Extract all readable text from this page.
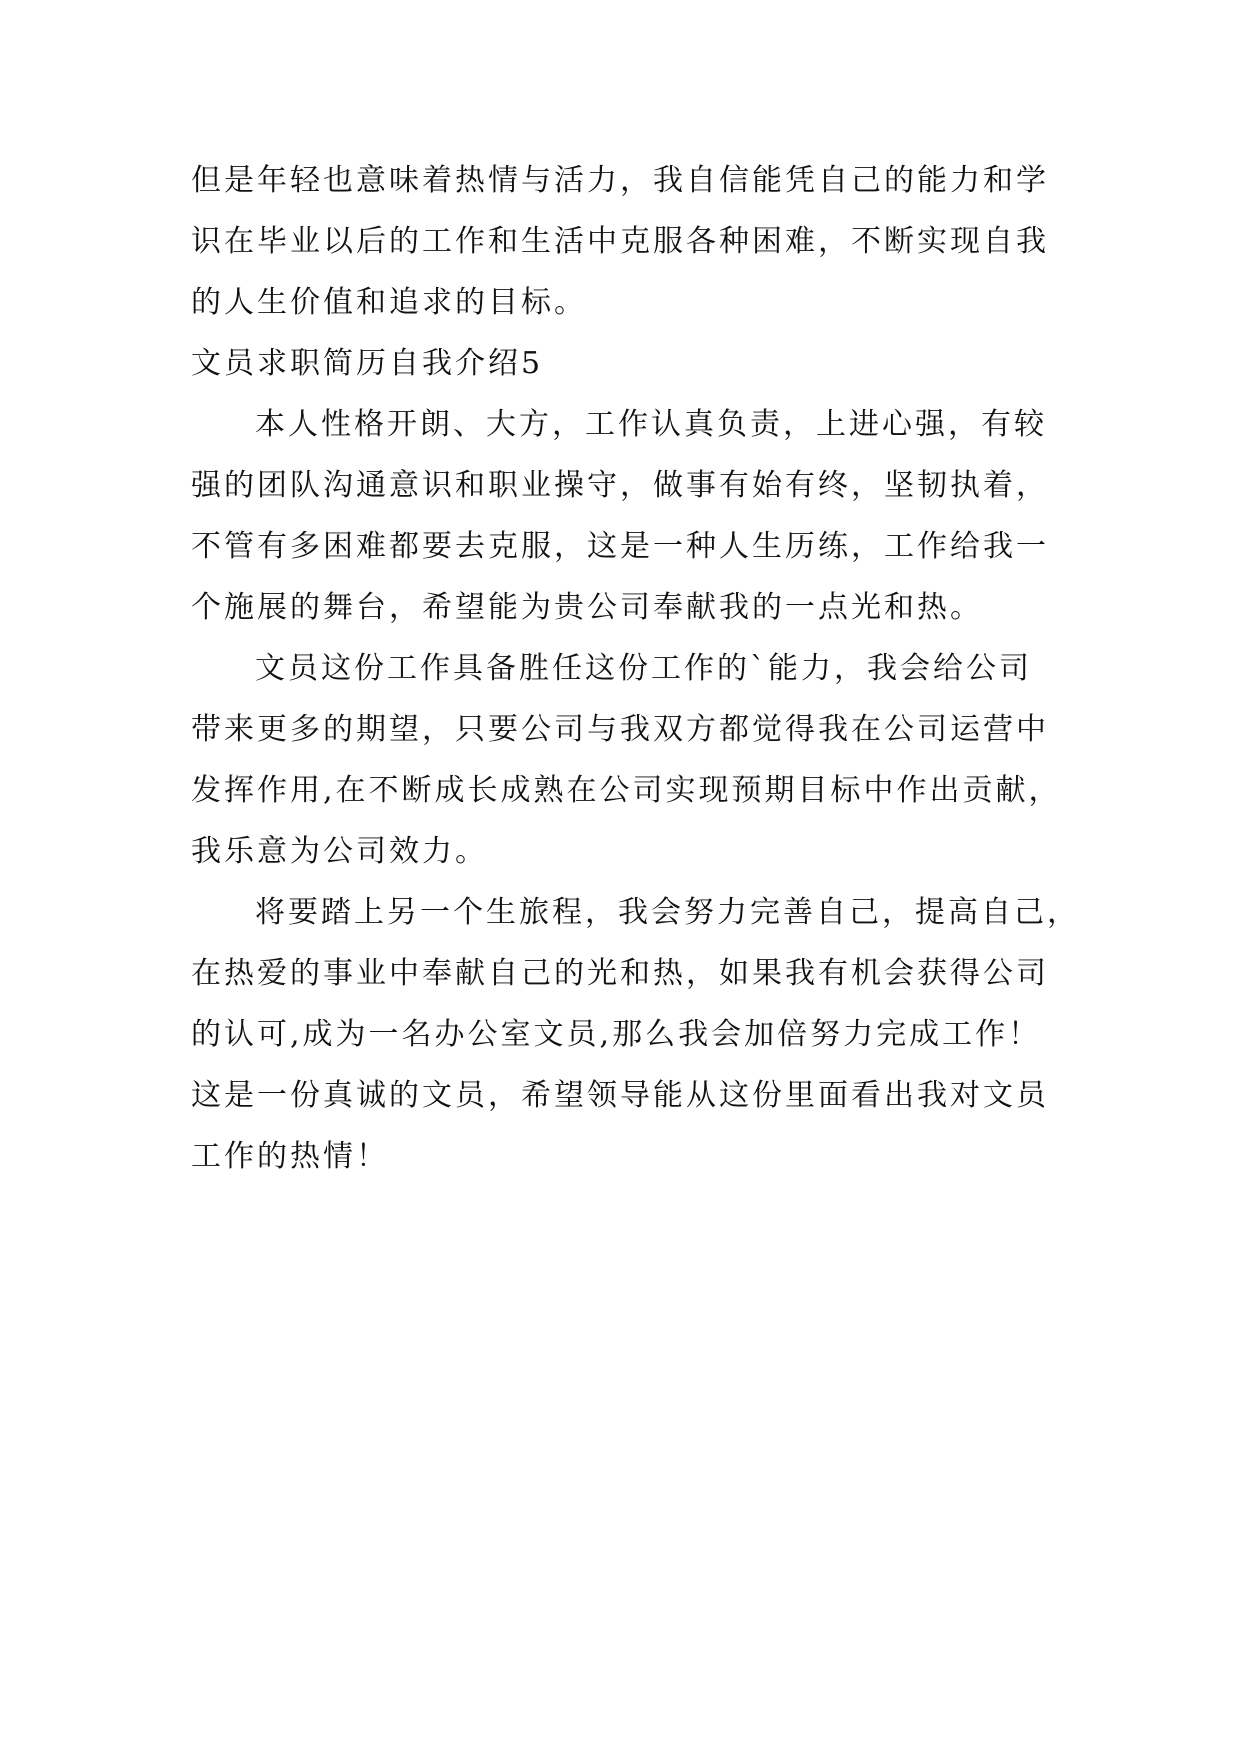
但是年轻也意味着热情与活力，我自信能凭自己的能力和学
识在毕业以后的工作和生活中克服各种困难，不断实现自我
的人生价值和追求的目标。
文员求职简历自我介绍5
本人性格开朗、大方，工作认真负责，上进心强，有较
强的团队沟通意识和职业操守，做事有始有终，坚韧执着，
不管有多困难都要去克服，这是一种人生历练，工作给我一
个施展的舞台，希望能为贵公司奉献我的一点光和热。
文员这份工作具备胜任这份工作的`能力，我会给公司
带来更多的期望，只要公司与我双方都觉得我在公司运营中
发挥作用,在不断成长成熟在公司实现预期目标中作出贡献，
我乐意为公司效力。
将要踏上另一个生旅程，我会努力完善自己，提高自己，
在热爱的事业中奉献自己的光和热，如果我有机会获得公司
的认可,成为一名办公室文员,那么我会加倍努力完成工作！
这是一份真诚的文员，希望领导能从这份里面看出我对文员
工作的热情！
